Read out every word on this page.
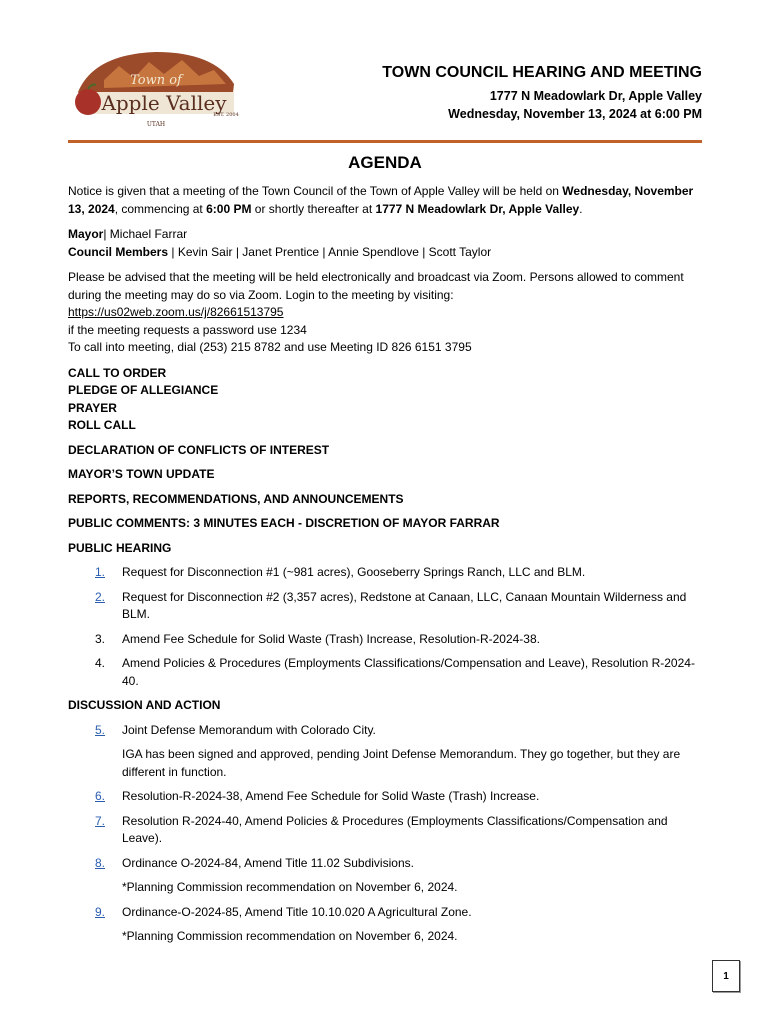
Town of
Apple Valley
EST. 2004
UTAH
TOWN COUNCIL HEARING AND MEETING
1777 N Meadowlark Dr, Apple Valley
Wednesday, November 13, 2024 at 6:00 PM
AGENDA

Notice is given that a meeting of the Town Council of the Town of Apple Valley will be held on Wednesday, November 13, 2024, commencing at 6:00 PM or shortly thereafter at 1777 N Meadowlark Dr, Apple Valley.

Mayor| Michael Farrar
Council Members | Kevin Sair | Janet Prentice | Annie Spendlove | Scott Taylor

Please be advised that the meeting will be held electronically and broadcast via Zoom. Persons allowed to comment during the meeting may do so via Zoom. Login to the meeting by visiting:
https://us02web.zoom.us/j/82661513795
if the meeting requests a password use 1234
To call into meeting, dial (253) 215 8782 and use Meeting ID 826 6151 3795

CALL TO ORDER
PLEDGE OF ALLEGIANCE
PRAYER
ROLL CALL
DECLARATION OF CONFLICTS OF INTEREST
MAYOR’S TOWN UPDATE
REPORTS, RECOMMENDATIONS, AND ANNOUNCEMENTS
PUBLIC COMMENTS: 3 MINUTES EACH - DISCRETION OF MAYOR FARRAR
PUBLIC HEARING
1.	Request for Disconnection #1 (~981 acres), Gooseberry Springs Ranch, LLC and BLM.
2.	Request for Disconnection #2 (3,357 acres), Redstone at Canaan, LLC, Canaan Mountain Wilderness and BLM.
3.	Amend Fee Schedule for Solid Waste (Trash) Increase, Resolution-R-2024-38.
4.	Amend Policies & Procedures (Employments Classifications/Compensation and Leave), Resolution R-2024-40.
DISCUSSION AND ACTION
5.	Joint Defense Memorandum with Colorado City.
IGA has been signed and approved, pending Joint Defense Memorandum. They go together, but they are different in function.
6.	Resolution-R-2024-38, Amend Fee Schedule for Solid Waste (Trash) Increase.
7.	Resolution R-2024-40, Amend Policies & Procedures (Employments Classifications/Compensation and Leave).
8.	Ordinance O-2024-84, Amend Title 11.02 Subdivisions.
*Planning Commission recommendation on November 6, 2024.
9.	Ordinance-O-2024-85, Amend Title 10.10.020 A Agricultural Zone.
*Planning Commission recommendation on November 6, 2024.
1
